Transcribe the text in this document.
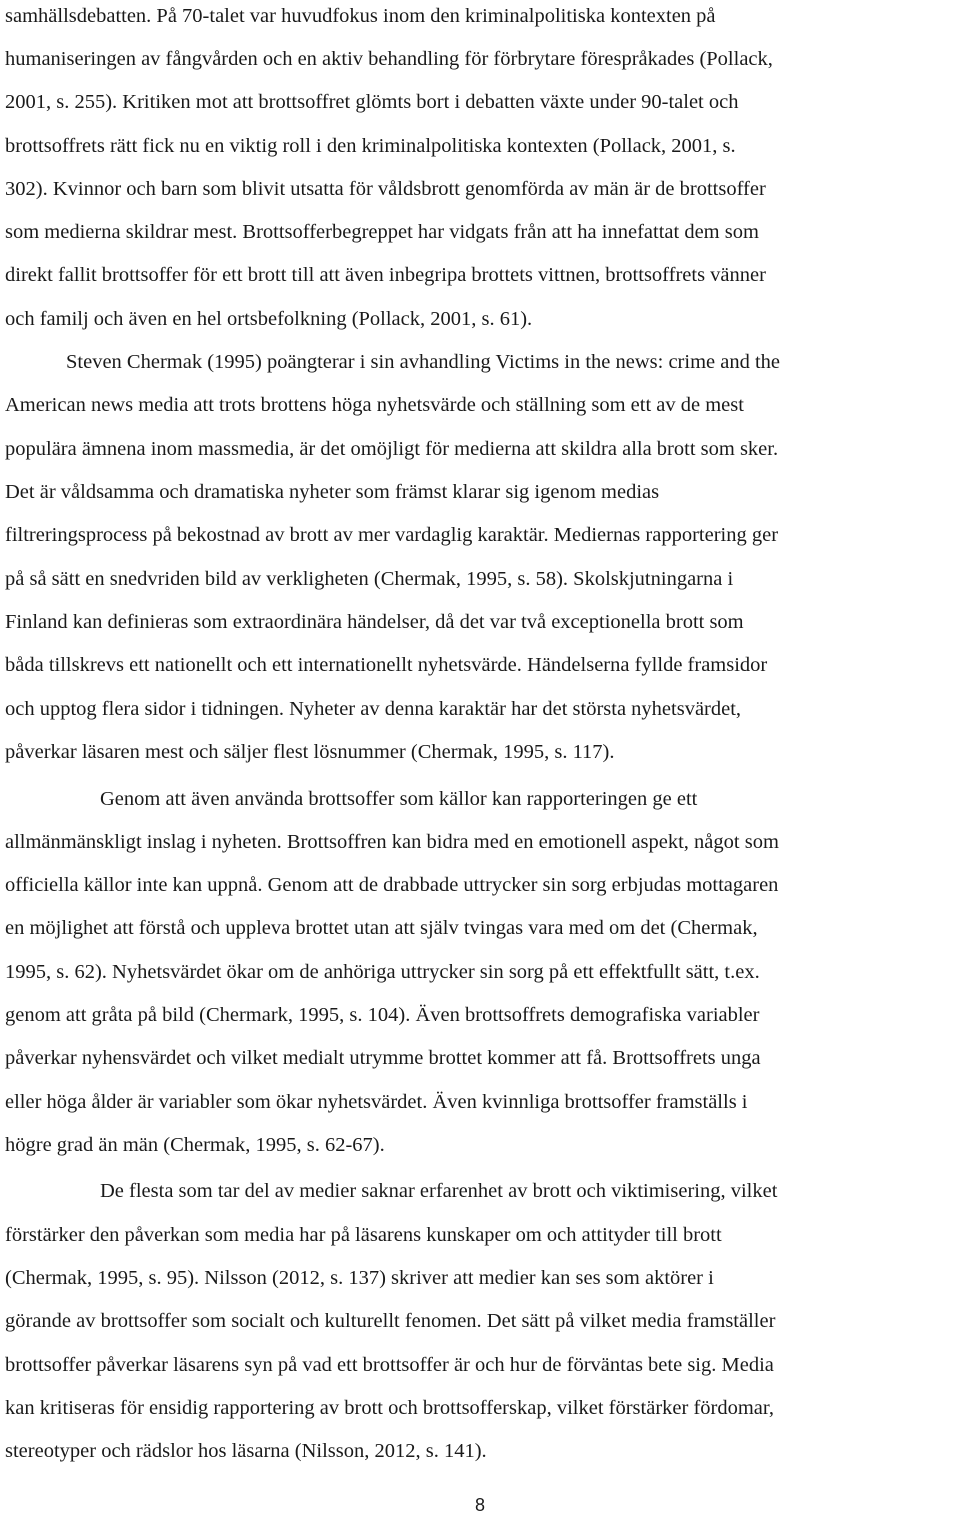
samhällsdebatten. På 70-talet var huvudfokus inom den kriminalpolitiska kontexten på
humaniseringen av fångvården och en aktiv behandling för förbrytare förespråkades (Pollack,
2001, s. 255). Kritiken mot att brottsoffret glömts bort i debatten växte under 90-talet och
brottsoffrets rätt fick nu en viktig roll i den kriminalpolitiska kontexten (Pollack, 2001, s.
302). Kvinnor och barn som blivit utsatta för våldsbrott genomförda av män är de brottsoffer
som medierna skildrar mest. Brottsofferbegreppet har vidgats från att ha innefattat dem som
direkt fallit brottsoffer för ett brott till att även inbegripa brottets vittnen, brottsoffrets vänner
och familj och även en hel ortsbefolkning (Pollack, 2001, s. 61).
Steven Chermak (1995) poängterar i sin avhandling Victims in the news: crime and the
American news media att trots brottens höga nyhetsvärde och ställning som ett av de mest
populära ämnena inom massmedia, är det omöjligt för medierna att skildra alla brott som sker.
Det är våldsamma och dramatiska nyheter som främst klarar sig igenom medias
filtreringsprocess på bekostnad av brott av mer vardaglig karaktär. Mediernas rapportering ger
på så sätt en snedvriden bild av verkligheten (Chermak, 1995, s. 58). Skolskjutningarna i
Finland kan definieras som extraordinära händelser, då det var två exceptionella brott som
båda tillskrevs ett nationellt och ett internationellt nyhetsvärde. Händelserna fyllde framsidor
och upptog flera sidor i tidningen. Nyheter av denna karaktär har det största nyhetsvärdet,
påverkar läsaren mest och säljer flest lösnummer (Chermak, 1995, s. 117).
Genom att även använda brottsoffer som källor kan rapporteringen ge ett
allmänmänskligt inslag i nyheten. Brottsoffren kan bidra med en emotionell aspekt, något som
officiella källor inte kan uppnå. Genom att de drabbade uttrycker sin sorg erbjudas mottagaren
en möjlighet att förstå och uppleva brottet utan att själv tvingas vara med om det (Chermak,
1995, s. 62). Nyhetsvärdet ökar om de anhöriga uttrycker sin sorg på ett effektfullt sätt, t.ex.
genom att gråta på bild (Chermark, 1995, s. 104). Även brottsoffrets demografiska variabler
påverkar nyhensvärdet och vilket medialt utrymme brottet kommer att få. Brottsoffrets unga
eller höga ålder är variabler som ökar nyhetsvärdet. Även kvinnliga brottsoffer framställs i
högre grad än män (Chermak, 1995, s. 62-67).
De flesta som tar del av medier saknar erfarenhet av brott och viktimisering, vilket
förstärker den påverkan som media har på läsarens kunskaper om och attityder till brott
(Chermak, 1995, s. 95). Nilsson (2012, s. 137) skriver att medier kan ses som aktörer i
görande av brottsoffer som socialt och kulturellt fenomen. Det sätt på vilket media framställer
brottsoffer påverkar läsarens syn på vad ett brottsoffer är och hur de förväntas bete sig. Media
kan kritiseras för ensidig rapportering av brott och brottsofferskap, vilket förstärker fördomar,
stereotyper och rädslor hos läsarna (Nilsson, 2012, s. 141).
8
